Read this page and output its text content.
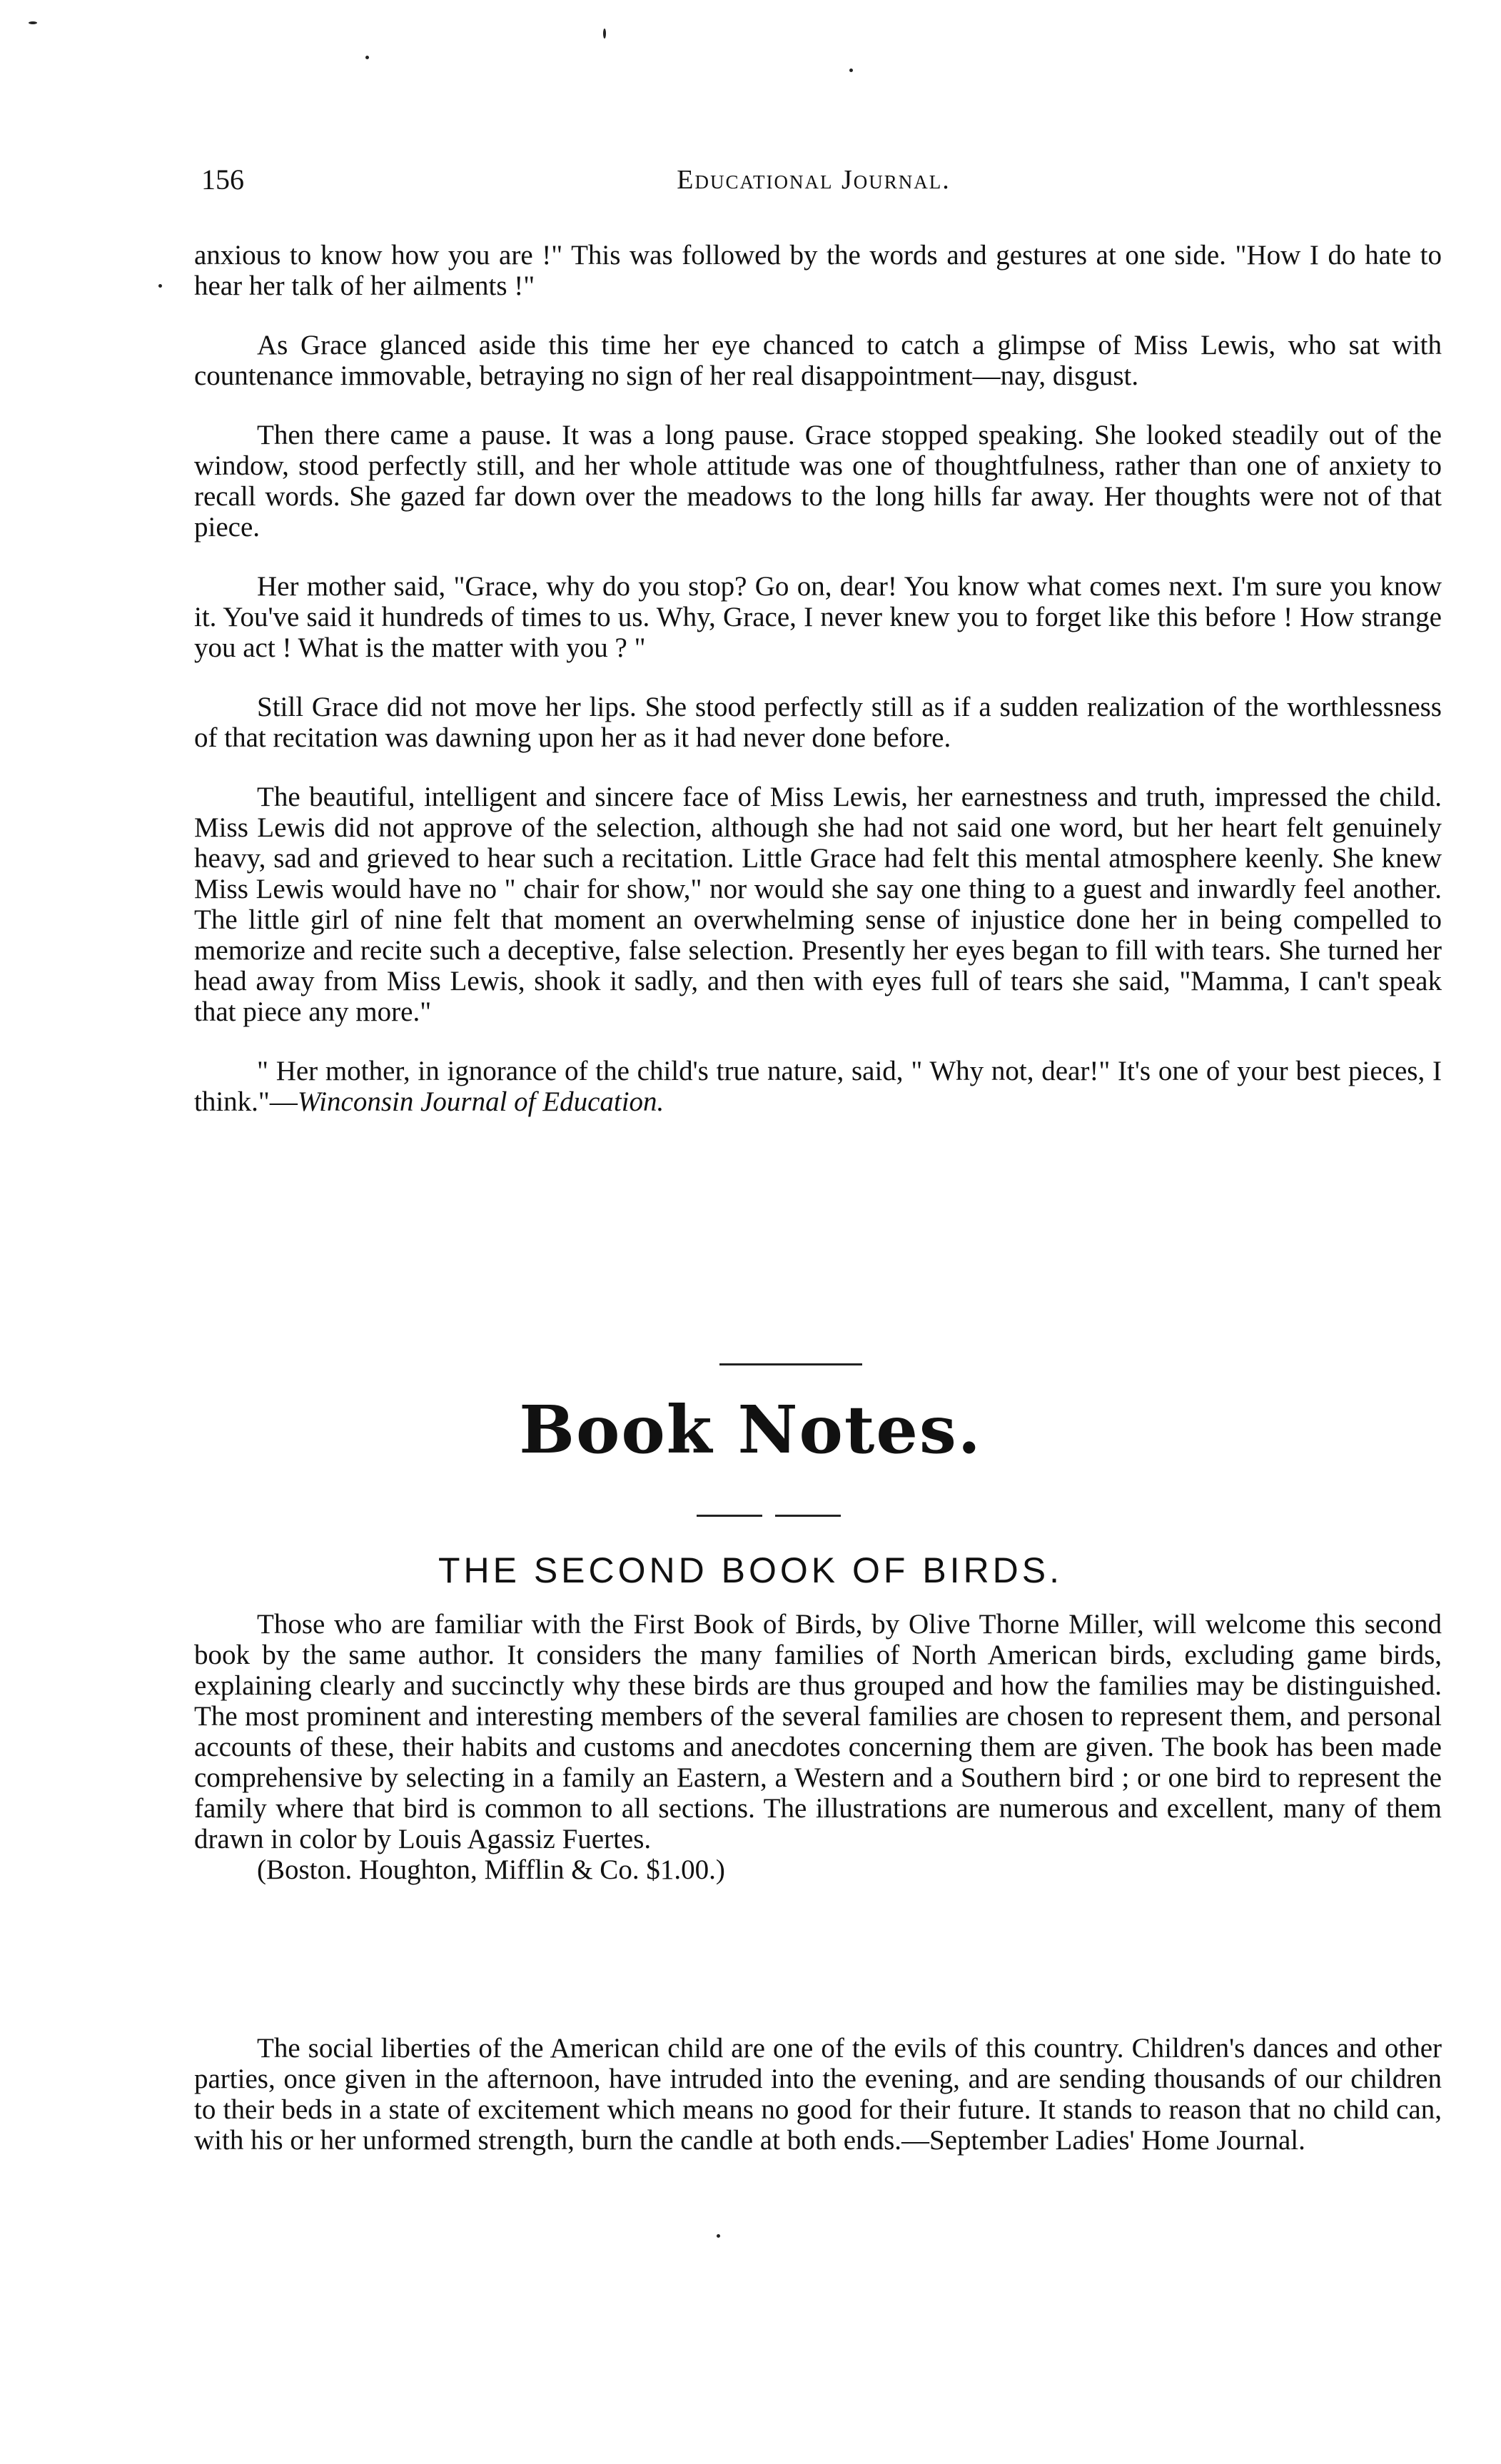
156	Educational Journal.

anxious to know how you are !" This was followed by the words and gestures at one side. "How I do hate to hear her talk of her ailments !"

As Grace glanced aside this time her eye chanced to catch a glimpse of Miss Lewis, who sat with countenance immovable, betraying no sign of her real disappointment—nay, disgust.

Then there came a pause. It was a long pause. Grace stopped speaking. She looked steadily out of the window, stood perfectly still, and her whole attitude was one of thoughtfulness, rather than one of anxiety to recall words. She gazed far down over the meadows to the long hills far away. Her thoughts were not of that piece.

Her mother said, "Grace, why do you stop? Go on, dear! You know what comes next. I'm sure you know it. You've said it hundreds of times to us. Why, Grace, I never knew you to forget like this before ! How strange you act ! What is the matter with you ? "

Still Grace did not move her lips. She stood perfectly still as if a sudden realization of the worthlessness of that recitation was dawning upon her as it had never done before.

The beautiful, intelligent and sincere face of Miss Lewis, her earnestness and truth, impressed the child. Miss Lewis did not approve of the selection, although she had not said one word, but her heart felt genuinely heavy, sad and grieved to hear such a recitation. Little Grace had felt this mental atmosphere keenly. She knew Miss Lewis would have no " chair for show," nor would she say one thing to a guest and inwardly feel another. The little girl of nine felt that moment an overwhelming sense of injustice done her in being compelled to memorize and recite such a deceptive, false selection. Presently her eyes began to fill with tears. She turned her head away from Miss Lewis, shook it sadly, and then with eyes full of tears she said, "Mamma, I can't speak that piece any more."

" Her mother, in ignorance of the child's true nature, said, " Why not, dear!" It's one of your best pieces, I think."—Winconsin Journal of Education.

Book Notes.
THE SECOND BOOK OF BIRDS.

Those who are familiar with the First Book of Birds, by Olive Thorne Miller, will welcome this second book by the same author. It considers the many families of North American birds, excluding game birds, explaining clearly and succinctly why these birds are thus grouped and how the families may be distinguished. The most prominent and interesting members of the several families are chosen to represent them, and personal accounts of these, their habits and customs and anecdotes concerning them are given. The book has been made comprehensive by selecting in a family an Eastern, a Western and a Southern bird ; or one bird to represent the family where that bird is common to all sections. The illustrations are numerous and excellent, many of them drawn in color by Louis Agassiz Fuertes.

(Boston. Houghton, Mifflin & Co. $1.00.)

The social liberties of the American child are one of the evils of this country. Children's dances and other parties, once given in the afternoon, have intruded into the evening, and are sending thousands of our children to their beds in a state of excitement which means no good for their future. It stands to reason that no child can, with his or her unformed strength, burn the candle at both ends.—September Ladies' Home Journal.
